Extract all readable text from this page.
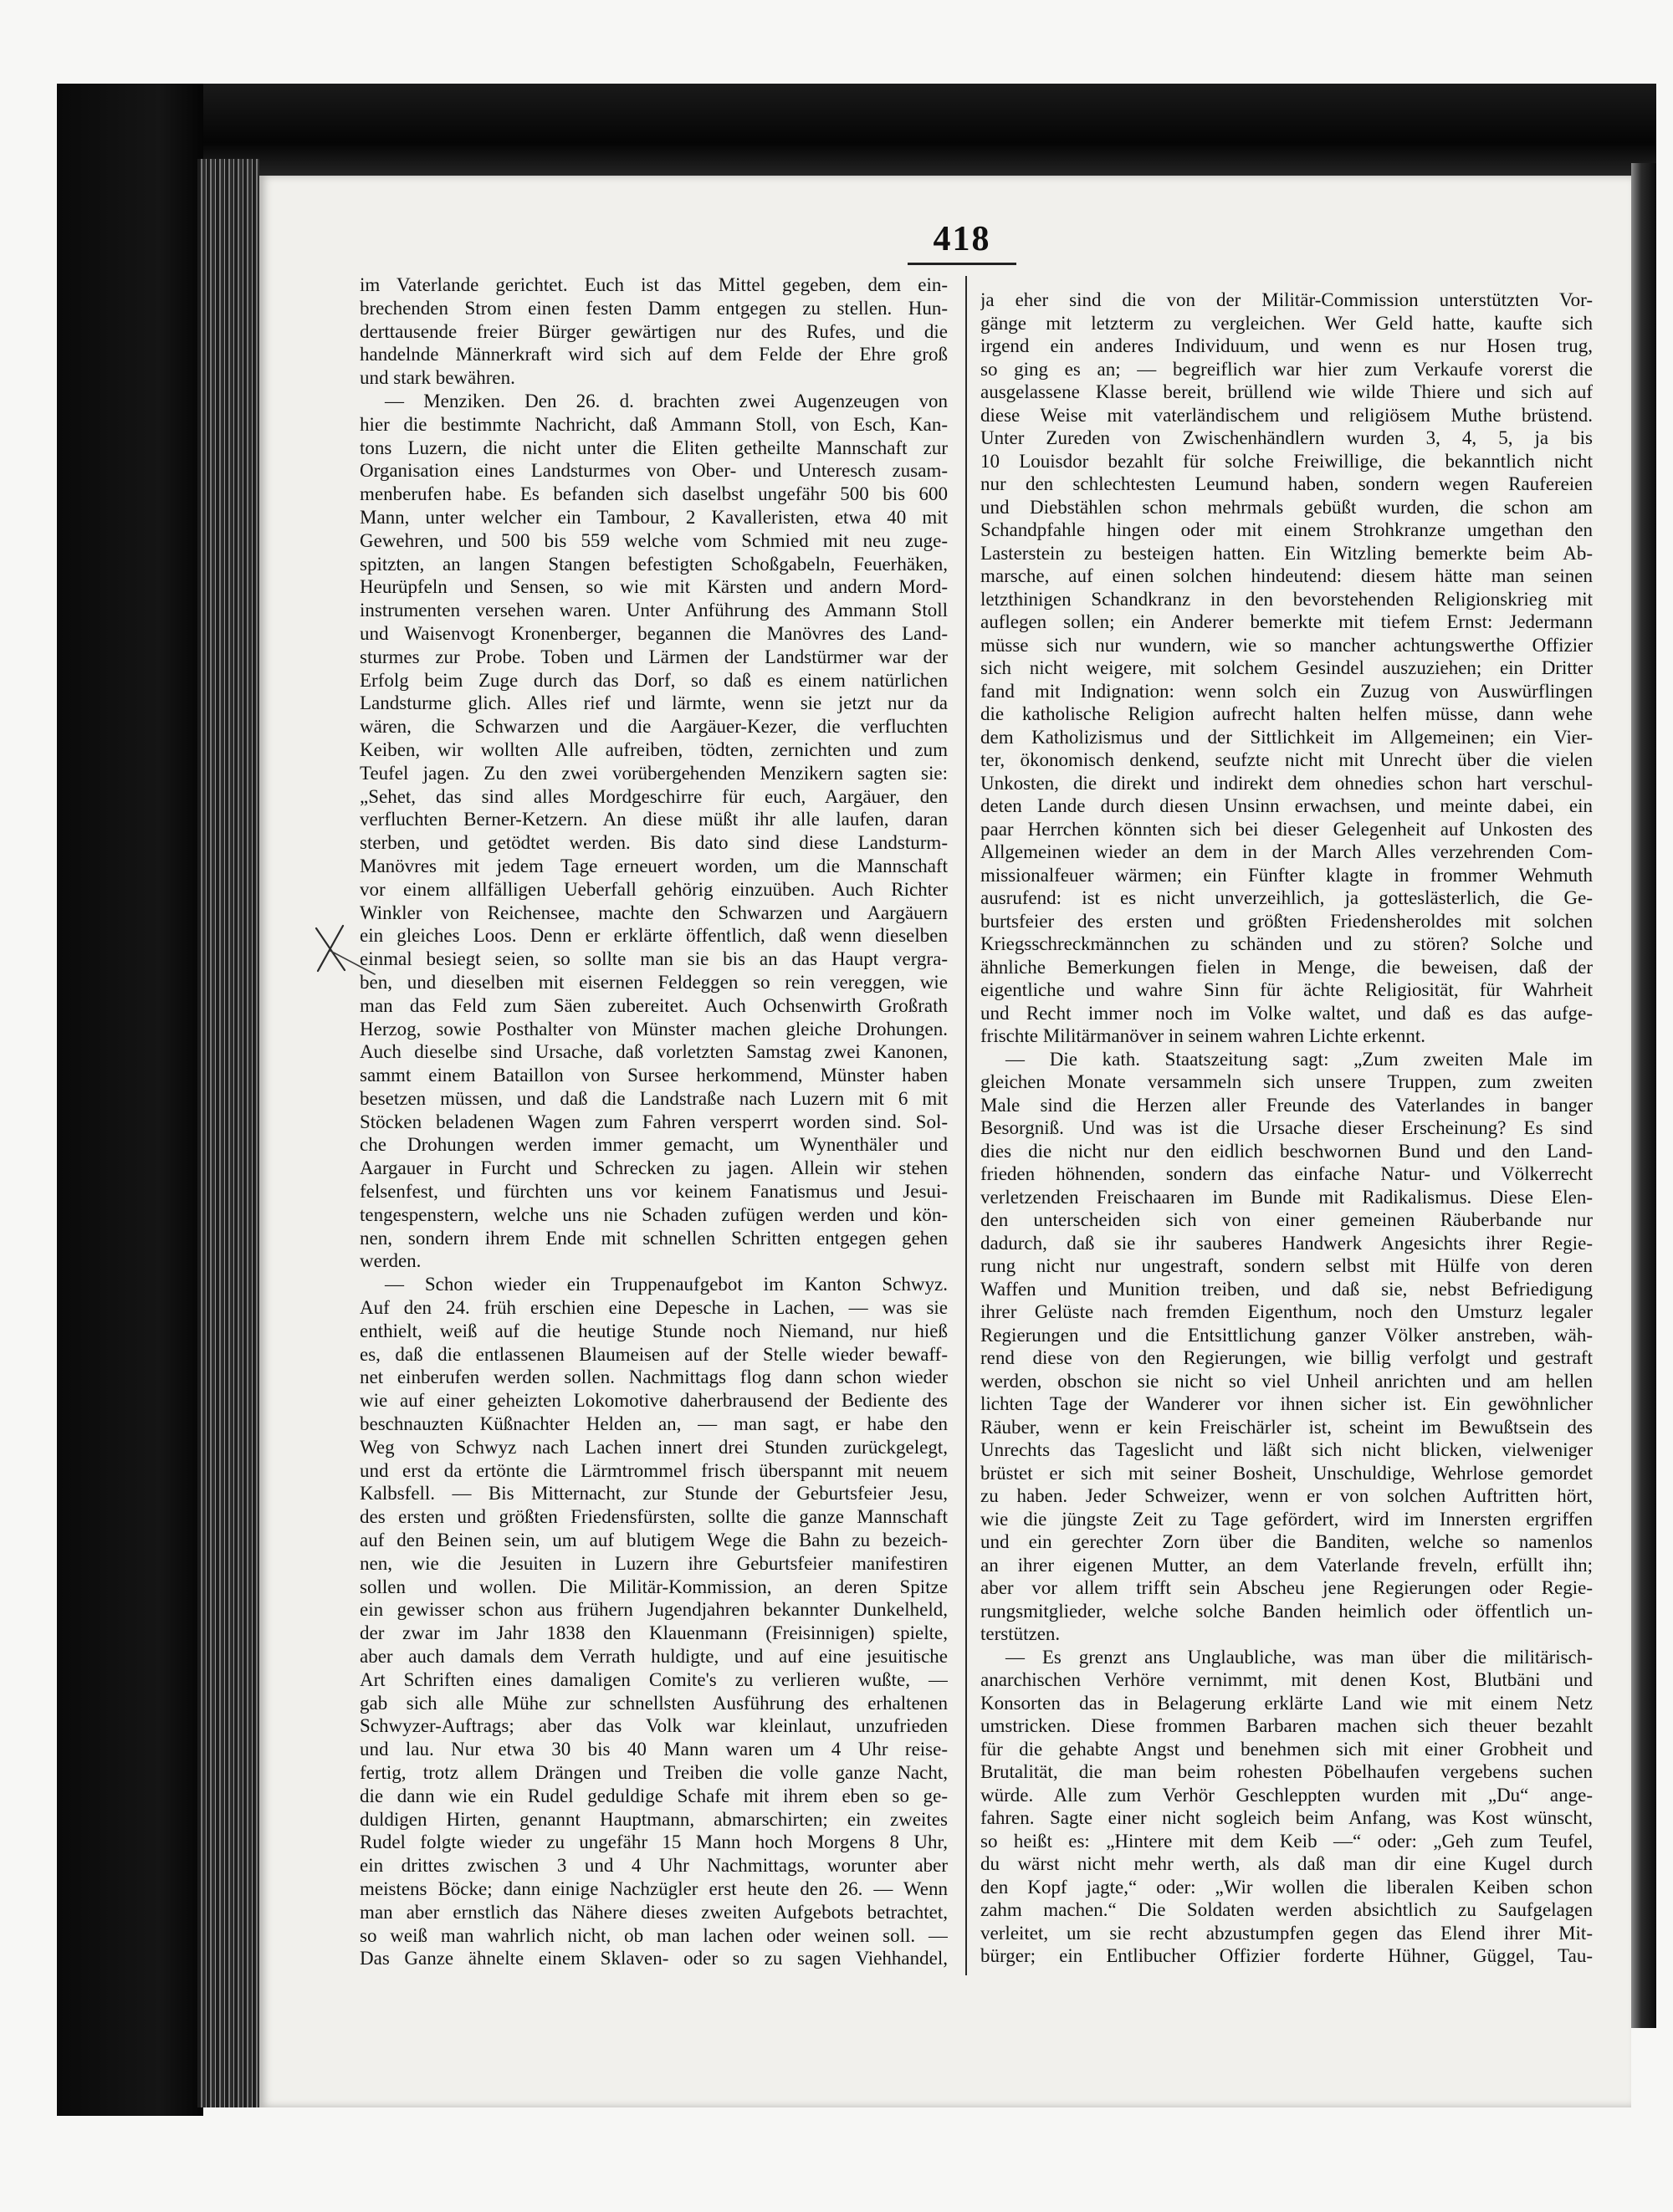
418
im Vaterlande gerichtet. Euch ist das Mittel gegeben, dem ein-
brechenden Strom einen festen Damm entgegen zu stellen. Hun-
derttausende freier Bürger gewärtigen nur des Rufes, und die
handelnde Männerkraft wird sich auf dem Felde der Ehre groß
und stark bewähren.
— Menziken. Den 26. d. brachten zwei Augenzeugen von
hier die bestimmte Nachricht, daß Ammann Stoll, von Esch, Kan-
tons Luzern, die nicht unter die Eliten getheilte Mannschaft zur
Organisation eines Landsturmes von Ober- und Unteresch zusam-
menberufen habe. Es befanden sich daselbst ungefähr 500 bis 600
Mann, unter welcher ein Tambour, 2 Kavalleristen, etwa 40 mit
Gewehren, und 500 bis 559 welche vom Schmied mit neu zuge-
spitzten, an langen Stangen befestigten Schoßgabeln, Feuerhäken,
Heurüpfeln und Sensen, so wie mit Kärsten und andern Mord-
instrumenten versehen waren. Unter Anführung des Ammann Stoll
und Waisenvogt Kronenberger, begannen die Manövres des Land-
sturmes zur Probe. Toben und Lärmen der Landstürmer war der
Erfolg beim Zuge durch das Dorf, so daß es einem natürlichen
Landsturme glich. Alles rief und lärmte, wenn sie jetzt nur da
wären, die Schwarzen und die Aargäuer-Kezer, die verfluchten
Keiben, wir wollten Alle aufreiben, tödten, zernichten und zum
Teufel jagen. Zu den zwei vorübergehenden Menzikern sagten sie:
„Sehet, das sind alles Mordgeschirre für euch, Aargäuer, den
verfluchten Berner-Ketzern. An diese müßt ihr alle laufen, daran
sterben, und getödtet werden. Bis dato sind diese Landsturm-
Manövres mit jedem Tage erneuert worden, um die Mannschaft
vor einem allfälligen Ueberfall gehörig einzuüben. Auch Richter
Winkler von Reichensee, machte den Schwarzen und Aargäuern
ein gleiches Loos. Denn er erklärte öffentlich, daß wenn dieselben
einmal besiegt seien, so sollte man sie bis an das Haupt vergra-
ben, und dieselben mit eisernen Feldeggen so rein vereggen, wie
man das Feld zum Säen zubereitet. Auch Ochsenwirth Großrath
Herzog, sowie Posthalter von Münster machen gleiche Drohungen.
Auch dieselbe sind Ursache, daß vorletzten Samstag zwei Kanonen,
sammt einem Bataillon von Sursee herkommend, Münster haben
besetzen müssen, und daß die Landstraße nach Luzern mit 6 mit
Stöcken beladenen Wagen zum Fahren versperrt worden sind. Sol-
che Drohungen werden immer gemacht, um Wynenthäler und
Aargauer in Furcht und Schrecken zu jagen. Allein wir stehen
felsenfest, und fürchten uns vor keinem Fanatismus und Jesui-
tengespenstern, welche uns nie Schaden zufügen werden und kön-
nen, sondern ihrem Ende mit schnellen Schritten entgegen gehen
werden.
— Schon wieder ein Truppenaufgebot im Kanton Schwyz.
Auf den 24. früh erschien eine Depesche in Lachen, — was sie
enthielt, weiß auf die heutige Stunde noch Niemand, nur hieß
es, daß die entlassenen Blaumeisen auf der Stelle wieder bewaff-
net einberufen werden sollen. Nachmittags flog dann schon wieder
wie auf einer geheizten Lokomotive daherbrausend der Bediente des
beschnauzten Küßnachter Helden an, — man sagt, er habe den
Weg von Schwyz nach Lachen innert drei Stunden zurückgelegt,
und erst da ertönte die Lärmtrommel frisch überspannt mit neuem
Kalbsfell. — Bis Mitternacht, zur Stunde der Geburtsfeier Jesu,
des ersten und größten Friedensfürsten, sollte die ganze Mannschaft
auf den Beinen sein, um auf blutigem Wege die Bahn zu bezeich-
nen, wie die Jesuiten in Luzern ihre Geburtsfeier manifestiren
sollen und wollen. Die Militär-Kommission, an deren Spitze
ein gewisser schon aus frühern Jugendjahren bekannter Dunkelheld,
der zwar im Jahr 1838 den Klauenmann (Freisinnigen) spielte,
aber auch damals dem Verrath huldigte, und auf eine jesuitische
Art Schriften eines damaligen Comite's zu verlieren wußte, —
gab sich alle Mühe zur schnellsten Ausführung des erhaltenen
Schwyzer-Auftrags; aber das Volk war kleinlaut, unzufrieden
und lau. Nur etwa 30 bis 40 Mann waren um 4 Uhr reise-
fertig, trotz allem Drängen und Treiben die volle ganze Nacht,
die dann wie ein Rudel geduldige Schafe mit ihrem eben so ge-
duldigen Hirten, genannt Hauptmann, abmarschirten; ein zweites
Rudel folgte wieder zu ungefähr 15 Mann hoch Morgens 8 Uhr,
ein drittes zwischen 3 und 4 Uhr Nachmittags, worunter aber
meistens Böcke; dann einige Nachzügler erst heute den 26. — Wenn
man aber ernstlich das Nähere dieses zweiten Aufgebots betrachtet,
so weiß man wahrlich nicht, ob man lachen oder weinen soll. —
Das Ganze ähnelte einem Sklaven- oder so zu sagen Viehhandel,
ja eher sind die von der Militär-Commission unterstützten Vor-
gänge mit letzterm zu vergleichen. Wer Geld hatte, kaufte sich
irgend ein anderes Individuum, und wenn es nur Hosen trug,
so ging es an; — begreiflich war hier zum Verkaufe vorerst die
ausgelassene Klasse bereit, brüllend wie wilde Thiere und sich auf
diese Weise mit vaterländischem und religiösem Muthe brüstend.
Unter Zureden von Zwischenhändlern wurden 3, 4, 5, ja bis
10 Louisdor bezahlt für solche Freiwillige, die bekanntlich nicht
nur den schlechtesten Leumund haben, sondern wegen Raufereien
und Diebstählen schon mehrmals gebüßt wurden, die schon am
Schandpfahle hingen oder mit einem Strohkranze umgethan den
Lasterstein zu besteigen hatten. Ein Witzling bemerkte beim Ab-
marsche, auf einen solchen hindeutend: diesem hätte man seinen
letzthinigen Schandkranz in den bevorstehenden Religionskrieg mit
auflegen sollen; ein Anderer bemerkte mit tiefem Ernst: Jedermann
müsse sich nur wundern, wie so mancher achtungswerthe Offizier
sich nicht weigere, mit solchem Gesindel auszuziehen; ein Dritter
fand mit Indignation: wenn solch ein Zuzug von Auswürflingen
die katholische Religion aufrecht halten helfen müsse, dann wehe
dem Katholizismus und der Sittlichkeit im Allgemeinen; ein Vier-
ter, ökonomisch denkend, seufzte nicht mit Unrecht über die vielen
Unkosten, die direkt und indirekt dem ohnedies schon hart verschul-
deten Lande durch diesen Unsinn erwachsen, und meinte dabei, ein
paar Herrchen könnten sich bei dieser Gelegenheit auf Unkosten des
Allgemeinen wieder an dem in der March Alles verzehrenden Com-
missionalfeuer wärmen; ein Fünfter klagte in frommer Wehmuth
ausrufend: ist es nicht unverzeihlich, ja gotteslästerlich, die Ge-
burtsfeier des ersten und größten Friedensheroldes mit solchen
Kriegsschreckmännchen zu schänden und zu stören? Solche und
ähnliche Bemerkungen fielen in Menge, die beweisen, daß der
eigentliche und wahre Sinn für ächte Religiosität, für Wahrheit
und Recht immer noch im Volke waltet, und daß es das aufge-
frischte Militärmanöver in seinem wahren Lichte erkennt.
— Die kath. Staatszeitung sagt: „Zum zweiten Male im
gleichen Monate versammeln sich unsere Truppen, zum zweiten
Male sind die Herzen aller Freunde des Vaterlandes in banger
Besorgniß. Und was ist die Ursache dieser Erscheinung? Es sind
dies die nicht nur den eidlich beschwornen Bund und den Land-
frieden höhnenden, sondern das einfache Natur- und Völkerrecht
verletzenden Freischaaren im Bunde mit Radikalismus. Diese Elen-
den unterscheiden sich von einer gemeinen Räuberbande nur
dadurch, daß sie ihr sauberes Handwerk Angesichts ihrer Regie-
rung nicht nur ungestraft, sondern selbst mit Hülfe von deren
Waffen und Munition treiben, und daß sie, nebst Befriedigung
ihrer Gelüste nach fremden Eigenthum, noch den Umsturz legaler
Regierungen und die Entsittlichung ganzer Völker anstreben, wäh-
rend diese von den Regierungen, wie billig verfolgt und gestraft
werden, obschon sie nicht so viel Unheil anrichten und am hellen
lichten Tage der Wanderer vor ihnen sicher ist. Ein gewöhnlicher
Räuber, wenn er kein Freischärler ist, scheint im Bewußtsein des
Unrechts das Tageslicht und läßt sich nicht blicken, vielweniger
brüstet er sich mit seiner Bosheit, Unschuldige, Wehrlose gemordet
zu haben. Jeder Schweizer, wenn er von solchen Auftritten hört,
wie die jüngste Zeit zu Tage gefördert, wird im Innersten ergriffen
und ein gerechter Zorn über die Banditen, welche so namenlos
an ihrer eigenen Mutter, an dem Vaterlande freveln, erfüllt ihn;
aber vor allem trifft sein Abscheu jene Regierungen oder Regie-
rungsmitglieder, welche solche Banden heimlich oder öffentlich un-
terstützen.
— Es grenzt ans Unglaubliche, was man über die militärisch-
anarchischen Verhöre vernimmt, mit denen Kost, Blutbäni und
Konsorten das in Belagerung erklärte Land wie mit einem Netz
umstricken. Diese frommen Barbaren machen sich theuer bezahlt
für die gehabte Angst und benehmen sich mit einer Grobheit und
Brutalität, die man beim rohesten Pöbelhaufen vergebens suchen
würde. Alle zum Verhör Geschleppten wurden mit „Du“ ange-
fahren. Sagte einer nicht sogleich beim Anfang, was Kost wünscht,
so heißt es: „Hintere mit dem Keib —“ oder: „Geh zum Teufel,
du wärst nicht mehr werth, als daß man dir eine Kugel durch
den Kopf jagte,“ oder: „Wir wollen die liberalen Keiben schon
zahm machen.“ Die Soldaten werden absichtlich zu Saufgelagen
verleitet, um sie recht abzustumpfen gegen das Elend ihrer Mit-
bürger; ein Entlibucher Offizier forderte Hühner, Güggel, Tau-
